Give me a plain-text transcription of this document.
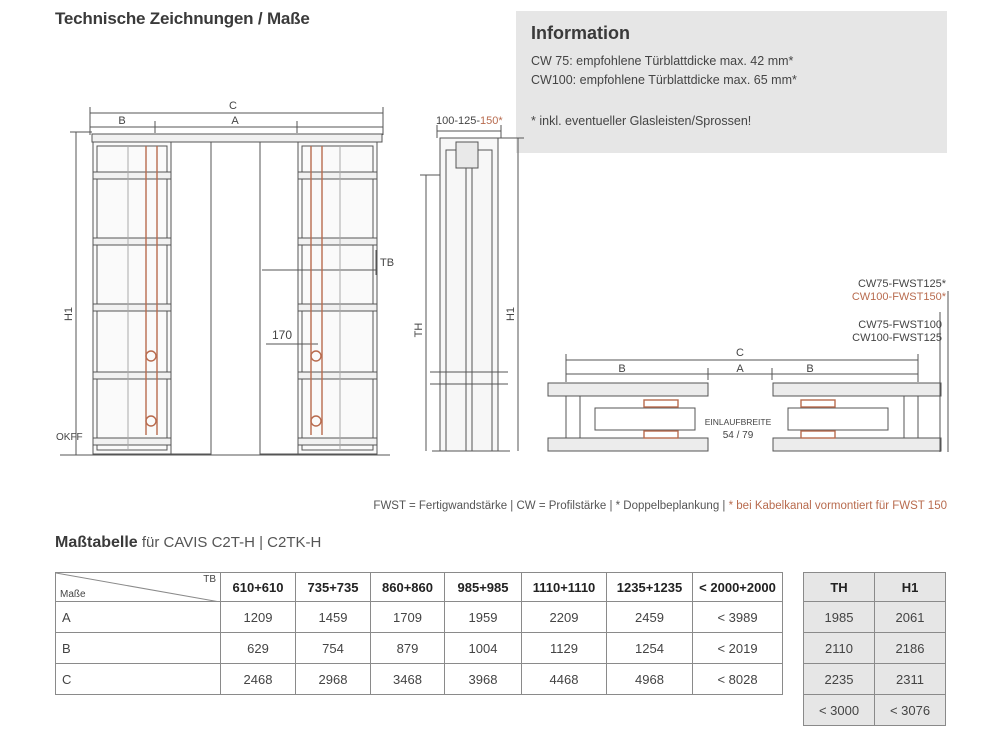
Technische Zeichnungen / Maße
Information
CW 75: empfohlene Türblattdicke max. 42 mm*
CW100: empfohlene Türblattdicke max. 65 mm*
* inkl. eventueller Glasleisten/Sprossen!
C
B	A
H1
OKFF
TB
170
100-125-150*
TH
H1
C
B	A	B
EINLAUFBREITE
54 / 79
CW75-FWST125*
CW100-FWST150*
CW75-FWST100
CW100-FWST125
FWST = Fertigwandstärke | CW = Profilstärke | * Doppelbeplankung | * bei Kabelkanal vormontiert für FWST 150
Maßtabelle für CAVIS C2T-H | C2TK-H
TB
Maße	610+610	735+735	860+860	985+985	1110+1110	1235+1235	< 2000+2000
A	1209	1459	1709	1959	2209	2459	< 3989
B	629	754	879	1004	1129	1254	< 2019
C	2468	2968	3468	3968	4468	4968	< 8028
TH	H1
1985	2061
2110	2186
2235	2311
< 3000	< 3076
